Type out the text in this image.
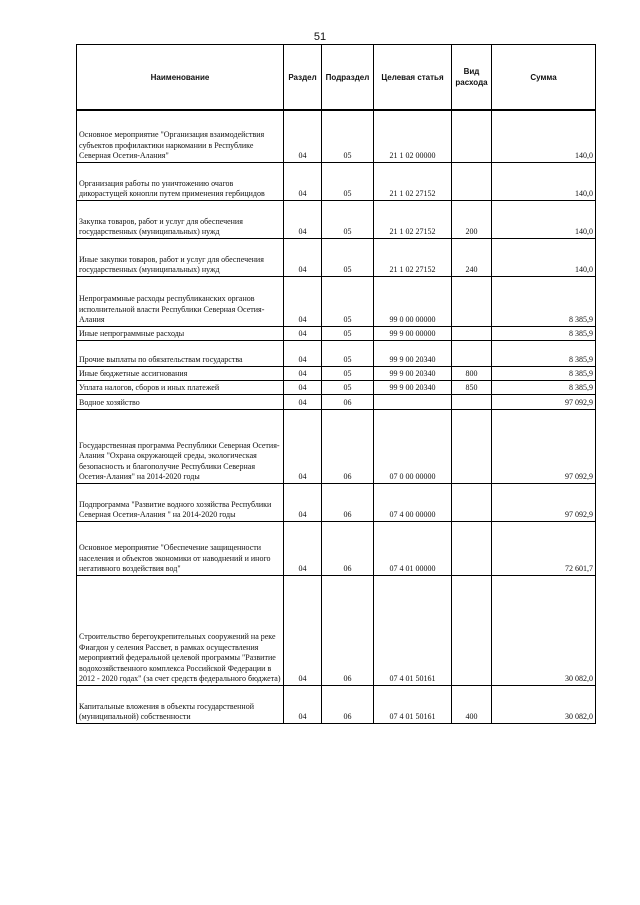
51
Наименование	Раздел	Подраздел	Целевая статья	Вид расхода	Сумма
Основное мероприятие "Организация взаимодействия субъектов профилактики наркомании в Республике Северная Осетия-Алания"	04	05	21 1 02 00000		140,0
Организация работы по уничтожению очагов дикорастущей конопли путем применения гербицидов	04	05	21 1 02 27152		140,0
Закупка товаров, работ и услуг для обеспечения государственных (муниципальных) нужд	04	05	21 1 02 27152	200	140,0
Иные закупки товаров, работ и услуг для обеспечения государственных (муниципальных) нужд	04	05	21 1 02 27152	240	140,0
Непрограммные расходы республиканских органов исполнительной власти Республики Северная Осетия-Алания	04	05	99 0 00 00000		8 385,9
Иные непрограммные расходы	04	05	99 9 00 00000		8 385,9
Прочие выплаты по обязательствам государства	04	05	99 9 00 20340		8 385,9
Иные бюджетные ассигнования	04	05	99 9 00 20340	800	8 385,9
Уплата налогов, сборов и иных платежей	04	05	99 9 00 20340	850	8 385,9
Водное хозяйство	04	06			97 092,9
Государственная программа Республики Северная Осетия-Алания "Охрана окружающей среды, экологическая безопасность и благополучие Республики Северная Осетия-Алания" на 2014-2020 годы	04	06	07 0 00 00000		97 092,9
Подпрограмма "Развитие водного хозяйства Республики Северная Осетия-Алания " на 2014-2020 годы	04	06	07 4 00 00000		97 092,9
Основное мероприятие "Обеспечение защищенности населения и объектов экономики от наводнений и иного негативного воздействия вод"	04	06	07 4 01 00000		72 601,7
Строительство берегоукрепительных сооружений на реке Фиагдон у селения Рассвет, в рамках осуществления мероприятий федеральной целевой программы "Развитие водохозяйственного комплекса Российской Федерации в 2012 - 2020 годах" (за счет средств федерального бюджета)	04	06	07 4 01 50161		30 082,0
Капитальные вложения в объекты государственной (муниципальной) собственности	04	06	07 4 01 50161	400	30 082,0
